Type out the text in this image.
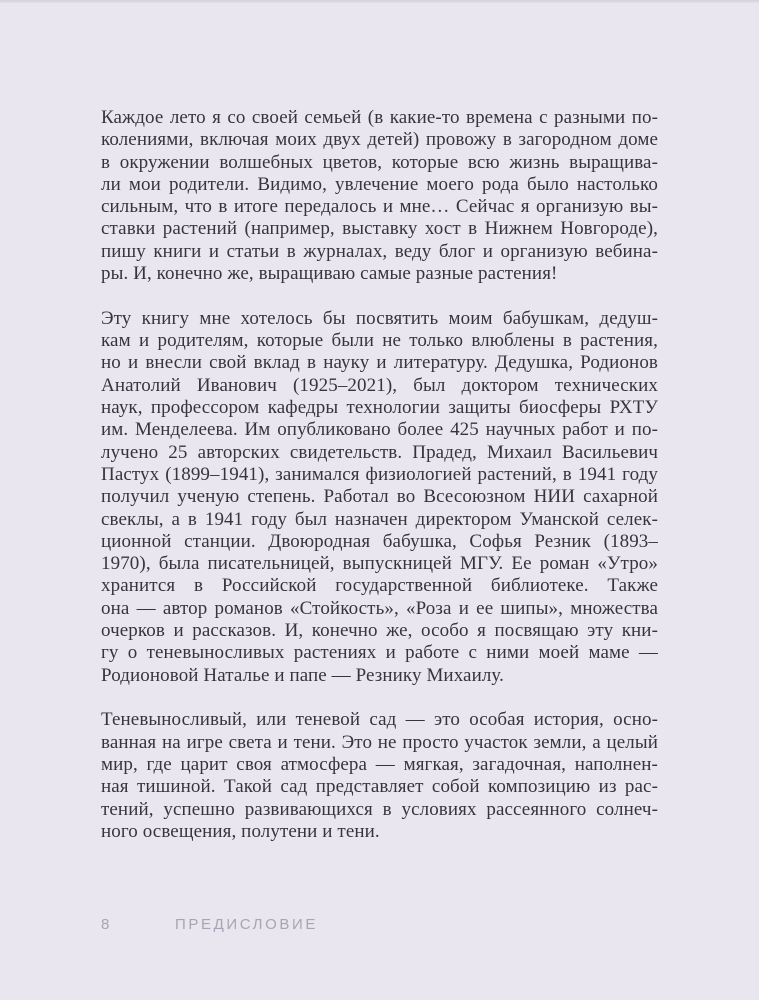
Каждое лето я со своей семьей (в какие-то времена с разными по-
колениями, включая моих двух детей) провожу в загородном доме
в окружении волшебных цветов, которые всю жизнь выращива-
ли мои родители. Видимо, увлечение моего рода было настолько
сильным, что в итоге передалось и мне… Сейчас я организую вы-
ставки растений (например, выставку хост в Нижнем Новгороде),
пишу книги и статьи в журналах, веду блог и организую вебина-
ры. И, конечно же, выращиваю самые разные растения!

Эту книгу мне хотелось бы посвятить моим бабушкам, дедуш-
кам и родителям, которые были не только влюблены в растения,
но и внесли свой вклад в науку и литературу. Дедушка, Родионов
Анатолий Иванович (1925–2021), был доктором технических
наук, профессором кафедры технологии защиты биосферы РХТУ
им. Менделеева. Им опубликовано более 425 научных работ и по-
лучено 25 авторских свидетельств. Прадед, Михаил Васильевич
Пастух (1899–1941), занимался физиологией растений, в 1941 году
получил ученую степень. Работал во Всесоюзном НИИ сахарной
свеклы, а в 1941 году был назначен директором Уманской селек-
ционной станции. Двоюродная бабушка, Софья Резник (1893–
1970), была писательницей, выпускницей МГУ. Ее роман «Утро»
хранится в Российской государственной библиотеке. Также
она — автор романов «Стойкость», «Роза и ее шипы», множества
очерков и рассказов. И, конечно же, особо я посвящаю эту кни-
гу о теневыносливых растениях и работе с ними моей маме —
Родионовой Наталье и папе — Резнику Михаилу.

Теневыносливый, или теневой сад — это особая история, осно-
ванная на игре света и тени. Это не просто участок земли, а целый
мир, где царит своя атмосфера — мягкая, загадочная, наполнен-
ная тишиной. Такой сад представляет собой композицию из рас-
тений, успешно развивающихся в условиях рассеянного солнеч-
ного освещения, полутени и тени.

8	ПРЕДИСЛОВИЕ
